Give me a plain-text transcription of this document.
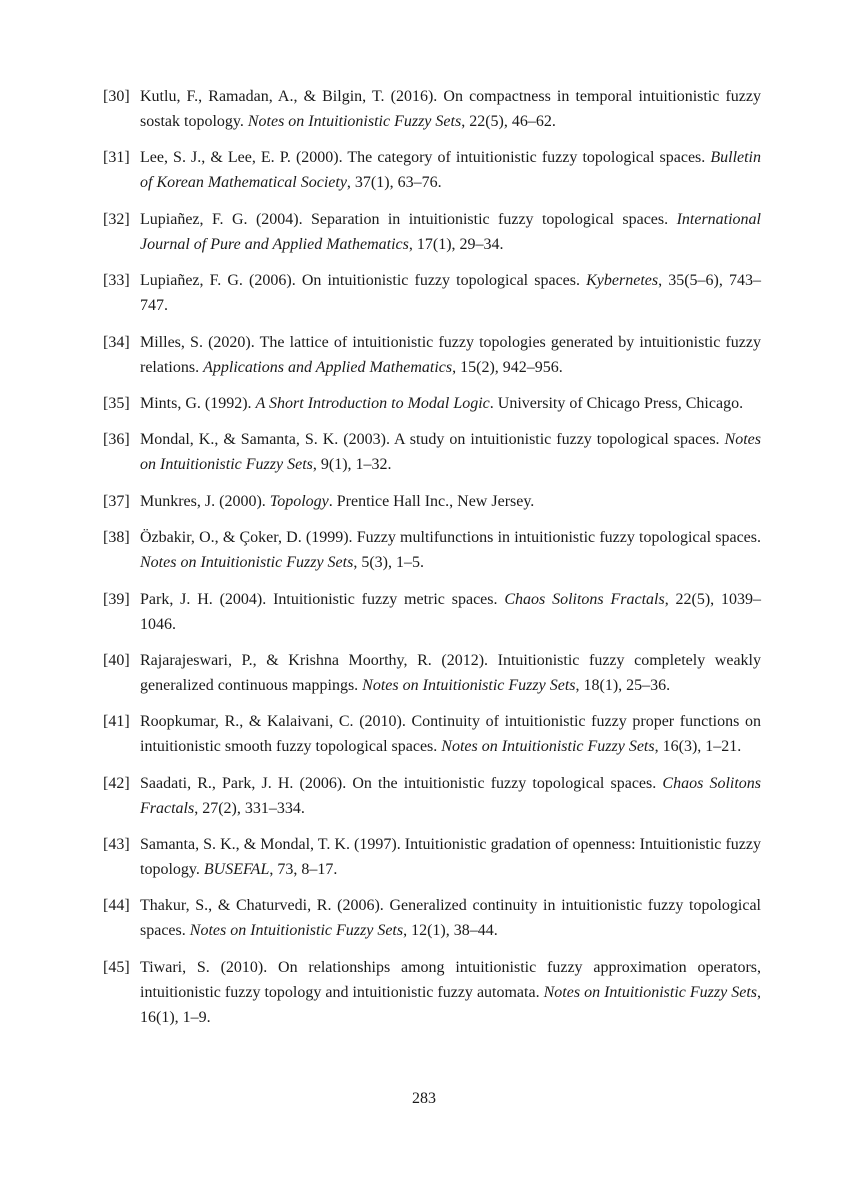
[30] Kutlu, F., Ramadan, A., & Bilgin, T. (2016). On compactness in temporal intuitionistic fuzzy sostak topology. Notes on Intuitionistic Fuzzy Sets, 22(5), 46–62.
[31] Lee, S. J., & Lee, E. P. (2000). The category of intuitionistic fuzzy topological spaces. Bulletin of Korean Mathematical Society, 37(1), 63–76.
[32] Lupiañez, F. G. (2004). Separation in intuitionistic fuzzy topological spaces. International Journal of Pure and Applied Mathematics, 17(1), 29–34.
[33] Lupiañez, F. G. (2006). On intuitionistic fuzzy topological spaces. Kybernetes, 35(5–6), 743–747.
[34] Milles, S. (2020). The lattice of intuitionistic fuzzy topologies generated by intuitionistic fuzzy relations. Applications and Applied Mathematics, 15(2), 942–956.
[35] Mints, G. (1992). A Short Introduction to Modal Logic. University of Chicago Press, Chicago.
[36] Mondal, K., & Samanta, S. K. (2003). A study on intuitionistic fuzzy topological spaces. Notes on Intuitionistic Fuzzy Sets, 9(1), 1–32.
[37] Munkres, J. (2000). Topology. Prentice Hall Inc., New Jersey.
[38] Özbakir, O., & Çoker, D. (1999). Fuzzy multifunctions in intuitionistic fuzzy topological spaces. Notes on Intuitionistic Fuzzy Sets, 5(3), 1–5.
[39] Park, J. H. (2004). Intuitionistic fuzzy metric spaces. Chaos Solitons Fractals, 22(5), 1039–1046.
[40] Rajarajeswari, P., & Krishna Moorthy, R. (2012). Intuitionistic fuzzy completely weakly generalized continuous mappings. Notes on Intuitionistic Fuzzy Sets, 18(1), 25–36.
[41] Roopkumar, R., & Kalaivani, C. (2010). Continuity of intuitionistic fuzzy proper functions on intuitionistic smooth fuzzy topological spaces. Notes on Intuitionistic Fuzzy Sets, 16(3), 1–21.
[42] Saadati, R., Park, J. H. (2006). On the intuitionistic fuzzy topological spaces. Chaos Solitons Fractals, 27(2), 331–334.
[43] Samanta, S. K., & Mondal, T. K. (1997). Intuitionistic gradation of openness: Intuitionistic fuzzy topology. BUSEFAL, 73, 8–17.
[44] Thakur, S., & Chaturvedi, R. (2006). Generalized continuity in intuitionistic fuzzy topological spaces. Notes on Intuitionistic Fuzzy Sets, 12(1), 38–44.
[45] Tiwari, S. (2010). On relationships among intuitionistic fuzzy approximation operators, intuitionistic fuzzy topology and intuitionistic fuzzy automata. Notes on Intuitionistic Fuzzy Sets, 16(1), 1–9.
283
